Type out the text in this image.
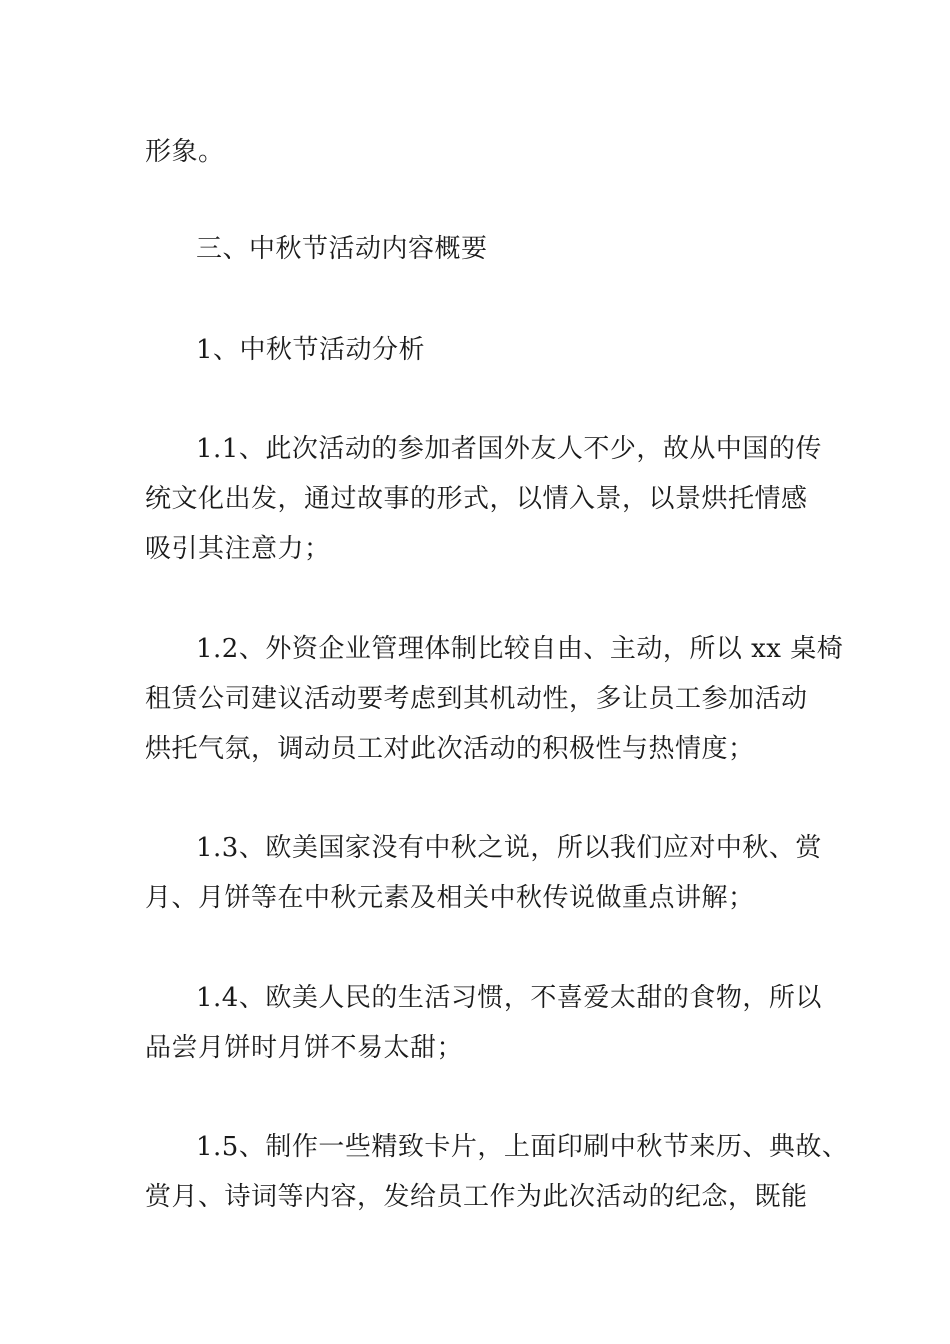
形象。

三、中秋节活动内容概要

1、中秋节活动分析

1.1、此次活动的参加者国外友人不少，故从中国的传

统文化出发，通过故事的形式，以情入景，以景烘托情感

吸引其注意力；

1.2、外资企业管理体制比较自由、主动，所以 xx 桌椅

租赁公司建议活动要考虑到其机动性，多让员工参加活动

烘托气氛，调动员工对此次活动的积极性与热情度；

1.3、欧美国家没有中秋之说，所以我们应对中秋、赏

月、月饼等在中秋元素及相关中秋传说做重点讲解；

1.4、欧美人民的生活习惯，不喜爱太甜的食物，所以

品尝月饼时月饼不易太甜；

1.5、制作一些精致卡片，上面印刷中秋节来历、典故、

赏月、诗词等内容，发给员工作为此次活动的纪念，既能
